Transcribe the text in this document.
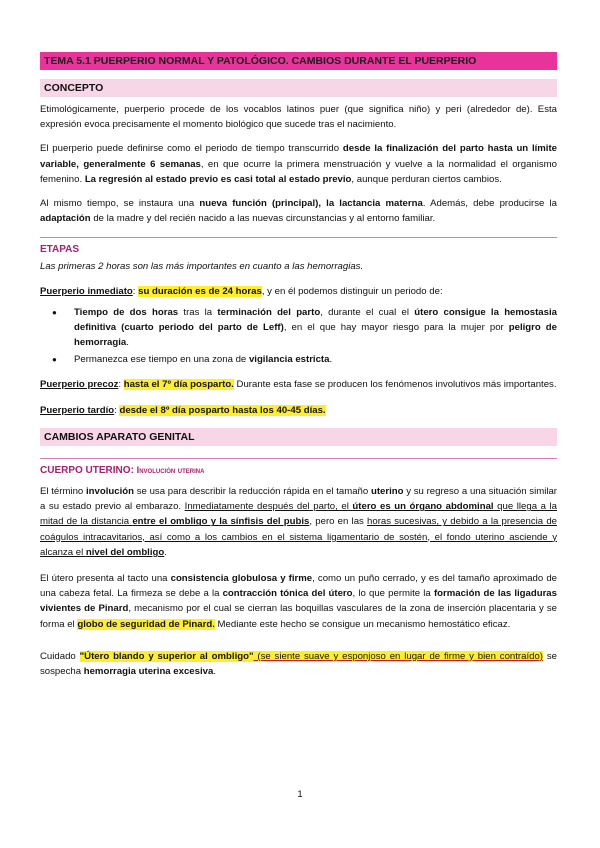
TEMA 5.1 PUERPERIO NORMAL Y PATOLÓGICO. CAMBIOS DURANTE EL PUERPERIO
CONCEPTO

Etimológicamente, puerperio procede de los vocablos latinos puer (que significa niño) y peri (alrededor de). Esta expresión evoca precisamente el momento biológico que sucede tras el nacimiento.

El puerperio puede definirse como el periodo de tiempo transcurrido desde la finalización del parto hasta un límite variable, generalmente 6 semanas, en que ocurre la primera menstruación y vuelve a la normalidad el organismo femenino. La regresión al estado previo es casi total al estado previo, aunque perduran ciertos cambios.

Al mismo tiempo, se instaura una nueva función (principal), la lactancia materna. Además, debe producirse la adaptación de la madre y del recién nacido a las nuevas circunstancias y al entorno familiar.

ETAPAS

Las primeras 2 horas son las más importantes en cuanto a las hemorragias.

Puerperio inmediato: su duración es de 24 horas, y en él podemos distinguir un periodo de:

● Tiempo de dos horas tras la terminación del parto, durante el cual el útero consigue la hemostasia definitiva (cuarto periodo del parto de Leff), en el que hay mayor riesgo para la mujer por peligro de hemorragia.
● Permanezca ese tiempo en una zona de vigilancia estricta.

Puerperio precoz: hasta el 7º día posparto. Durante esta fase se producen los fenómenos involutivos más importantes.

Puerperio tardío: desde el 8º día posparto hasta los 40-45 días.

CAMBIOS APARATO GENITAL
CUERPO UTERINO: Involución uterina

El término involución se usa para describir la reducción rápida en el tamaño uterino y su regreso a una situación similar a su estado previo al embarazo. Inmediatamente después del parto, el útero es un órgano abdominal que llega a la mitad de la distancia entre el ombligo y la sínfisis del pubis, pero en las horas sucesivas, y debido a la presencia de coágulos intracavitarios, así como a los cambios en el sistema ligamentario de sostén, el fondo uterino asciende y alcanza el nivel del ombligo.

El útero presenta al tacto una consistencia globulosa y firme, como un puño cerrado, y es del tamaño aproximado de una cabeza fetal. La firmeza se debe a la contracción tónica del útero, lo que permite la formación de las ligaduras vivientes de Pinard, mecanismo por el cual se cierran las boquillas vasculares de la zona de inserción placentaria y se forma el globo de seguridad de Pinard. Mediante este hecho se consigue un mecanismo hemostático eficaz.

Cuidado "Útero blando y superior al ombligo" (se siente suave y esponjoso en lugar de firme y bien contraído) se sospecha hemorragia uterina excesiva.

1
